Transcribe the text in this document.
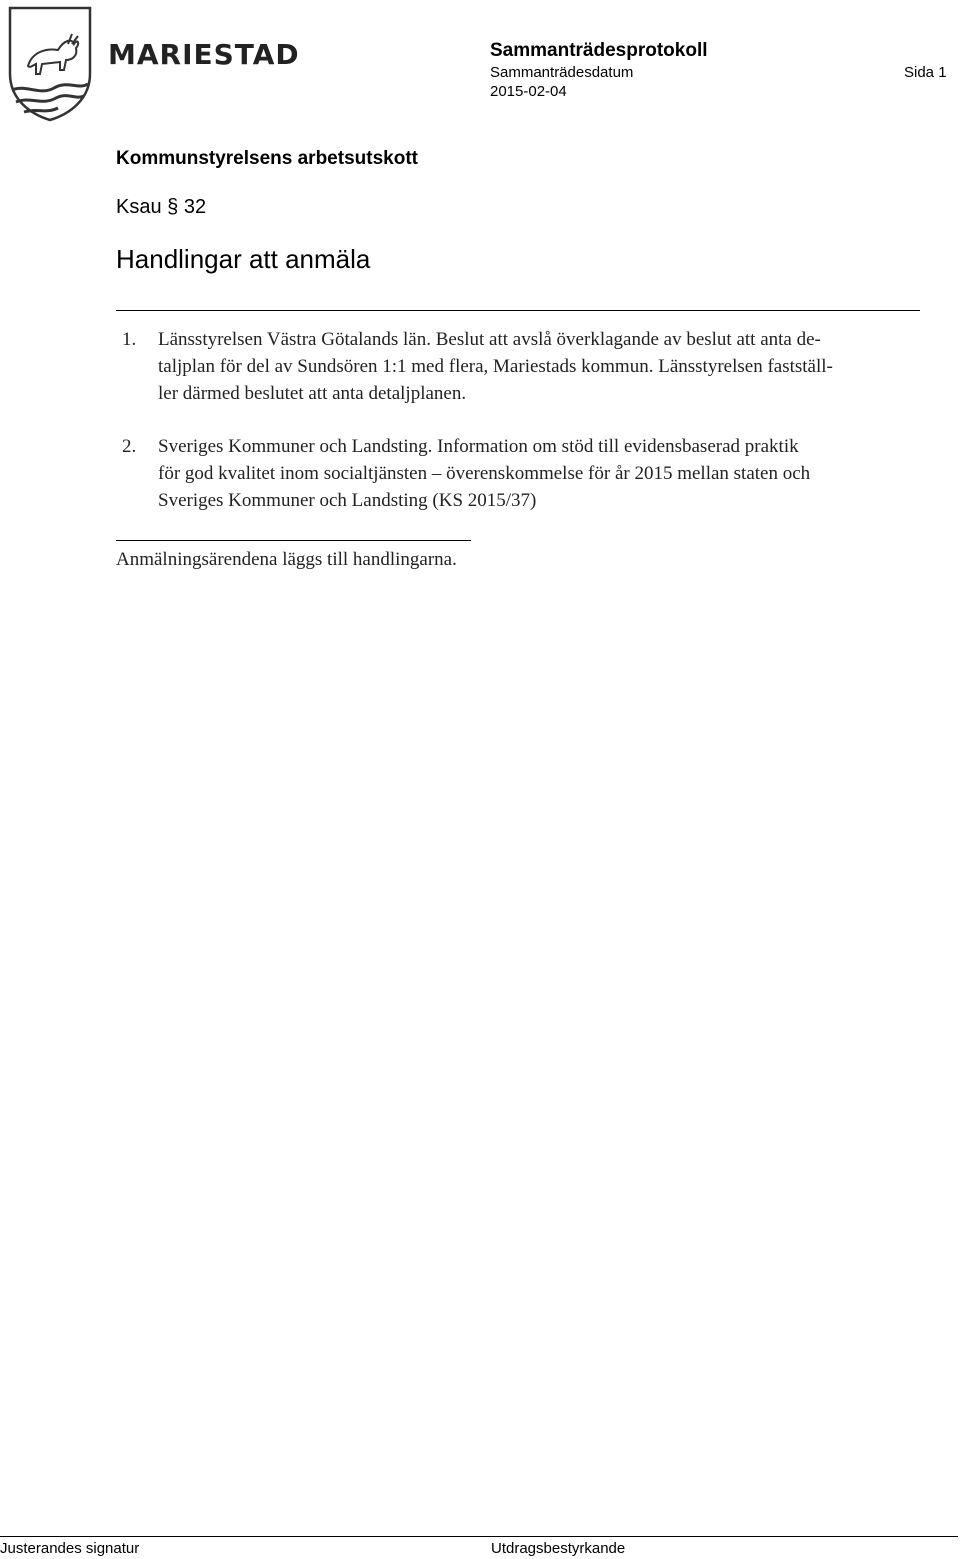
MARIESTAD	Sammanträdesprotokoll
Sammanträdesdatum
2015-02-04
Sida 1
Kommunstyrelsens arbetsutskott
Ksau § 32
Handlingar att anmäla
1. Länsstyrelsen Västra Götalands län. Beslut att avslå överklagande av beslut att anta de-
taljplan för del av Sundsören 1:1 med flera, Mariestads kommun. Länsstyrelsen fastställ-
ler därmed beslutet att anta detaljplanen.
2. Sveriges Kommuner och Landsting. Information om stöd till evidensbaserad praktik
för god kvalitet inom socialtjänsten – överenskommelse för år 2015 mellan staten och
Sveriges Kommuner och Landsting (KS 2015/37)
Anmälningsärendena läggs till handlingarna.
Justerandes signatur	Utdragsbestyrkande
